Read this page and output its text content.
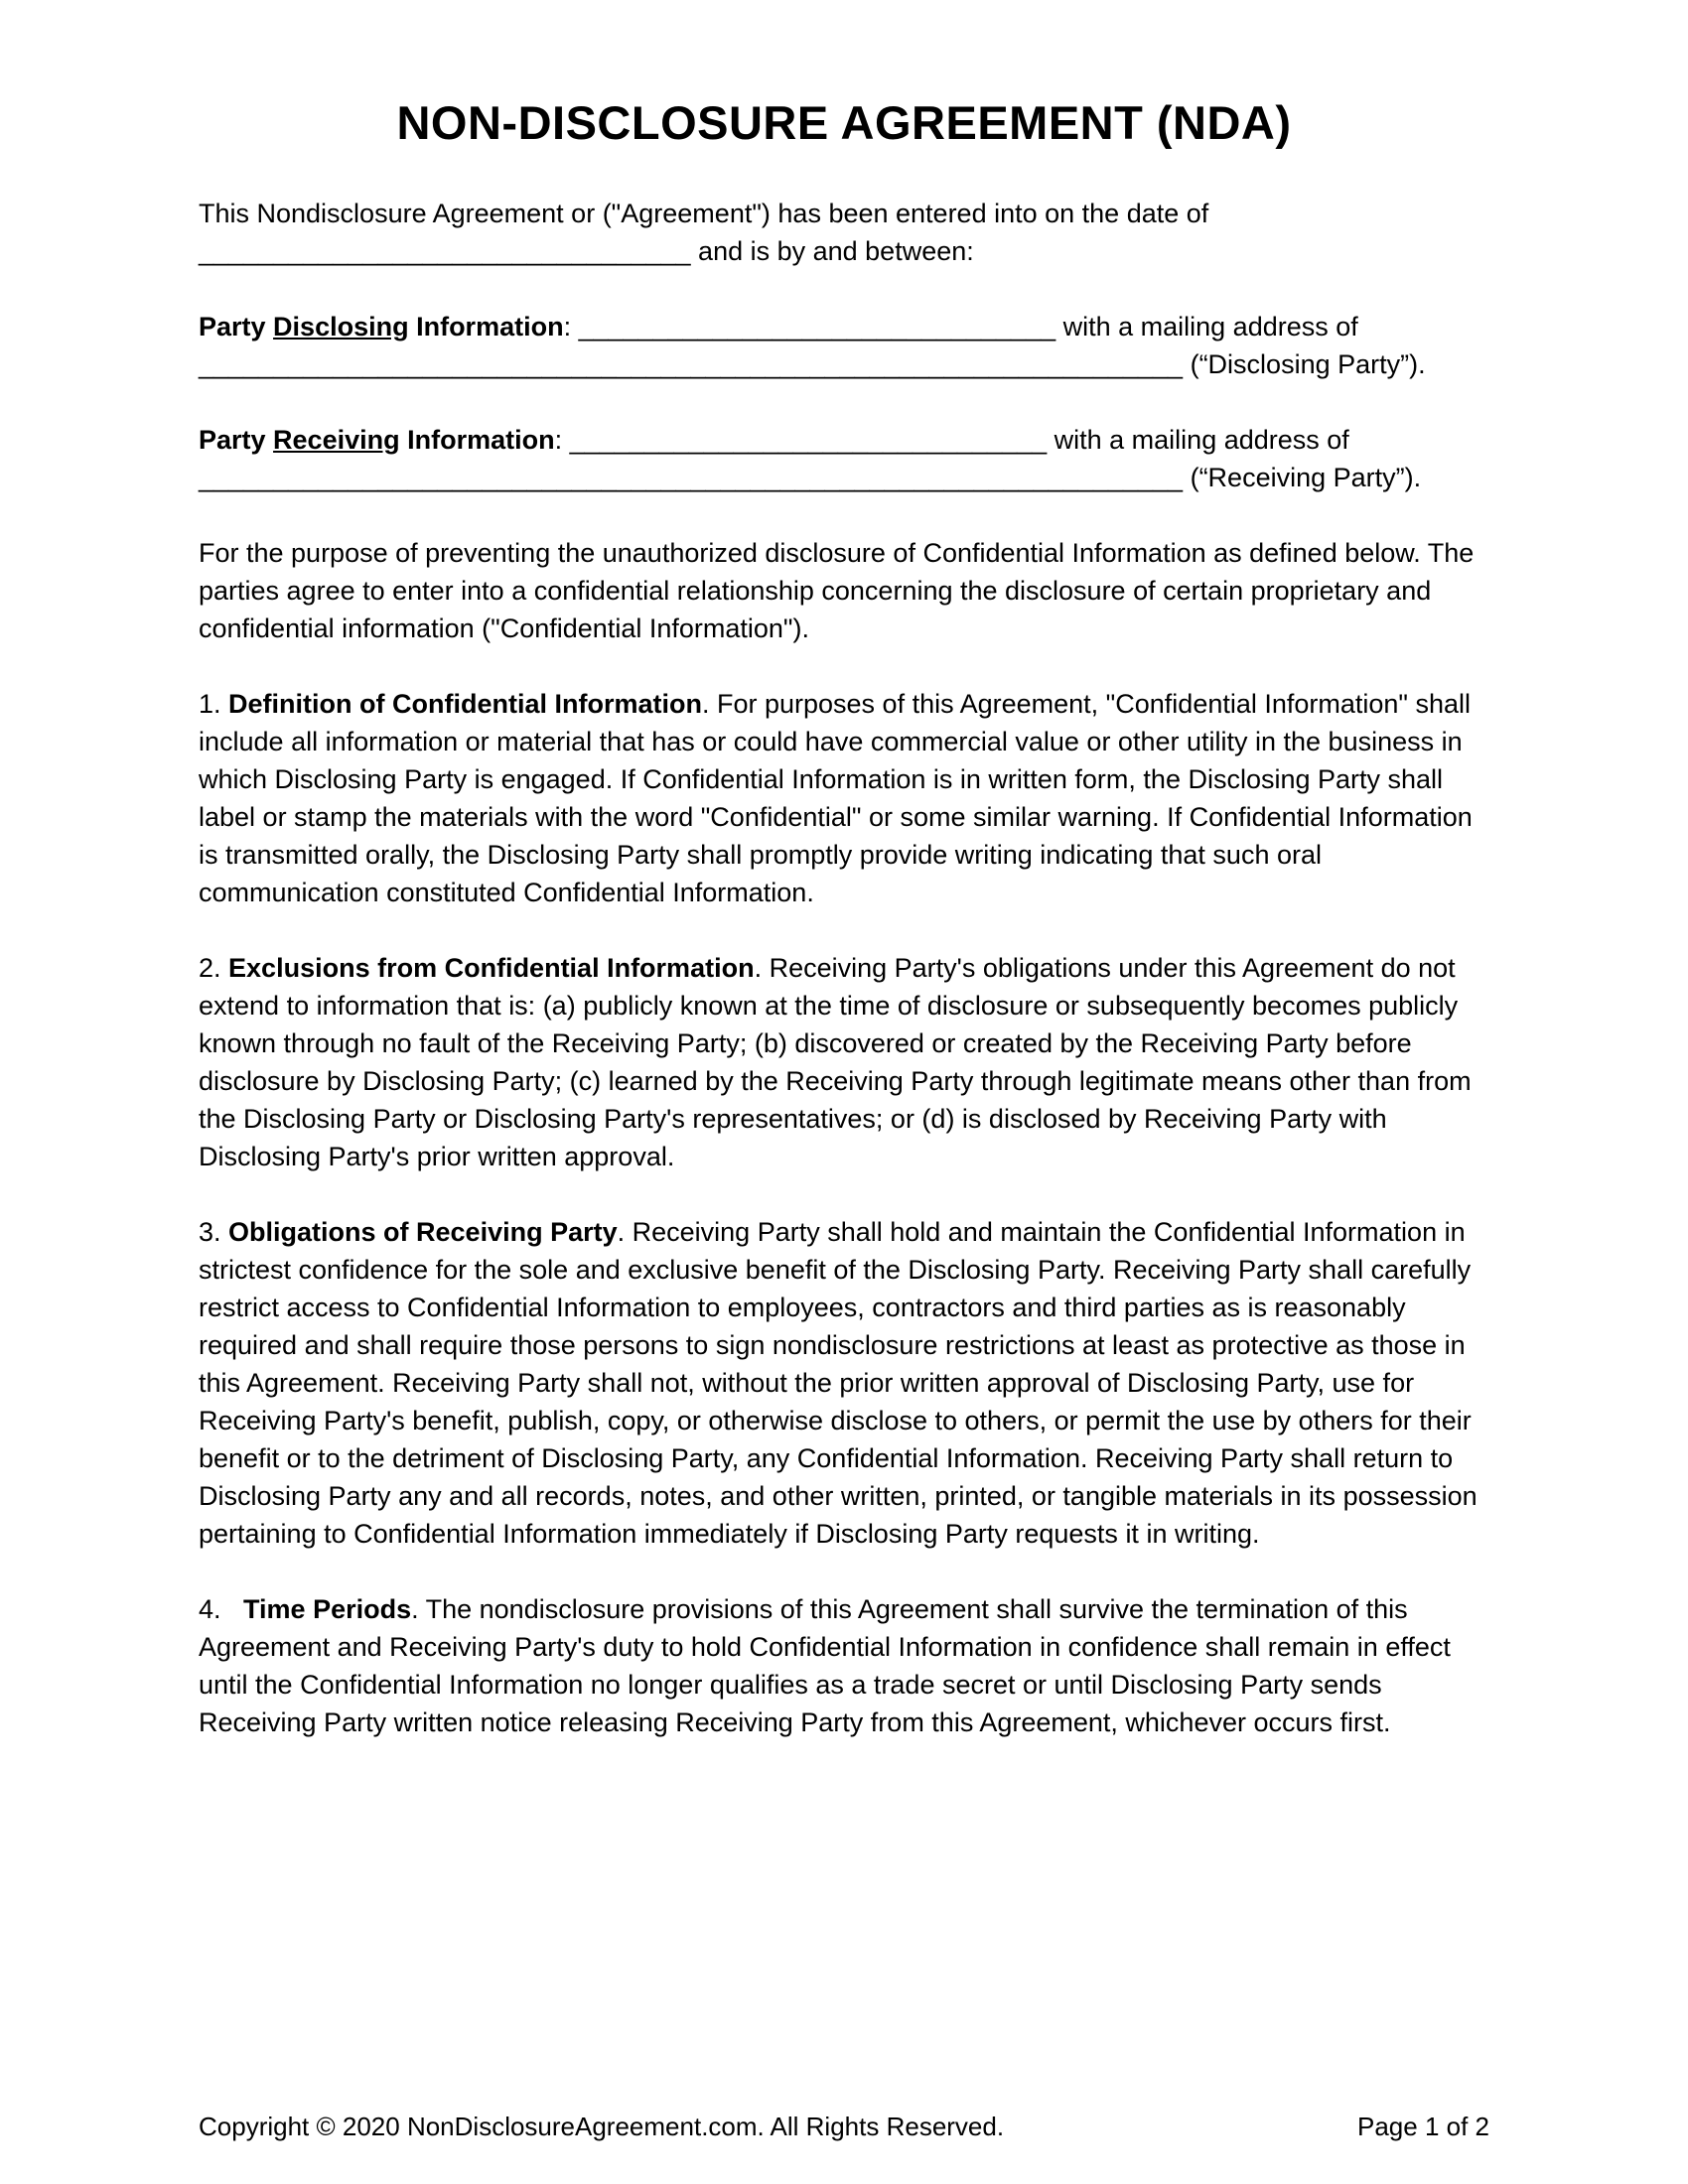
NON-DISCLOSURE AGREEMENT (NDA)

This Nondisclosure Agreement or ("Agreement") has been entered into on the date of _________________________________ and is by and between:

Party Disclosing Information: ________________________________ with a mailing address of __________________________________________________________________ (“Disclosing Party”).

Party Receiving Information: ________________________________ with a mailing address of __________________________________________________________________ (“Receiving Party”).

For the purpose of preventing the unauthorized disclosure of Confidential Information as defined below. The parties agree to enter into a confidential relationship concerning the disclosure of certain proprietary and confidential information ("Confidential Information").

1. Definition of Confidential Information. For purposes of this Agreement, "Confidential Information" shall include all information or material that has or could have commercial value or other utility in the business in which Disclosing Party is engaged. If Confidential Information is in written form, the Disclosing Party shall label or stamp the materials with the word "Confidential" or some similar warning. If Confidential Information is transmitted orally, the Disclosing Party shall promptly provide writing indicating that such oral communication constituted Confidential Information.

2. Exclusions from Confidential Information. Receiving Party's obligations under this Agreement do not extend to information that is: (a) publicly known at the time of disclosure or subsequently becomes publicly known through no fault of the Receiving Party; (b) discovered or created by the Receiving Party before disclosure by Disclosing Party; (c) learned by the Receiving Party through legitimate means other than from the Disclosing Party or Disclosing Party's representatives; or (d) is disclosed by Receiving Party with Disclosing Party's prior written approval.

3. Obligations of Receiving Party. Receiving Party shall hold and maintain the Confidential Information in strictest confidence for the sole and exclusive benefit of the Disclosing Party. Receiving Party shall carefully restrict access to Confidential Information to employees, contractors and third parties as is reasonably required and shall require those persons to sign nondisclosure restrictions at least as protective as those in this Agreement. Receiving Party shall not, without the prior written approval of Disclosing Party, use for Receiving Party's benefit, publish, copy, or otherwise disclose to others, or permit the use by others for their benefit or to the detriment of Disclosing Party, any Confidential Information. Receiving Party shall return to Disclosing Party any and all records, notes, and other written, printed, or tangible materials in its possession pertaining to Confidential Information immediately if Disclosing Party requests it in writing.

4.   Time Periods. The nondisclosure provisions of this Agreement shall survive the termination of this Agreement and Receiving Party's duty to hold Confidential Information in confidence shall remain in effect until the Confidential Information no longer qualifies as a trade secret or until Disclosing Party sends Receiving Party written notice releasing Receiving Party from this Agreement, whichever occurs first.

Copyright © 2020 NonDisclosureAgreement.com. All Rights Reserved.	Page 1 of 2
